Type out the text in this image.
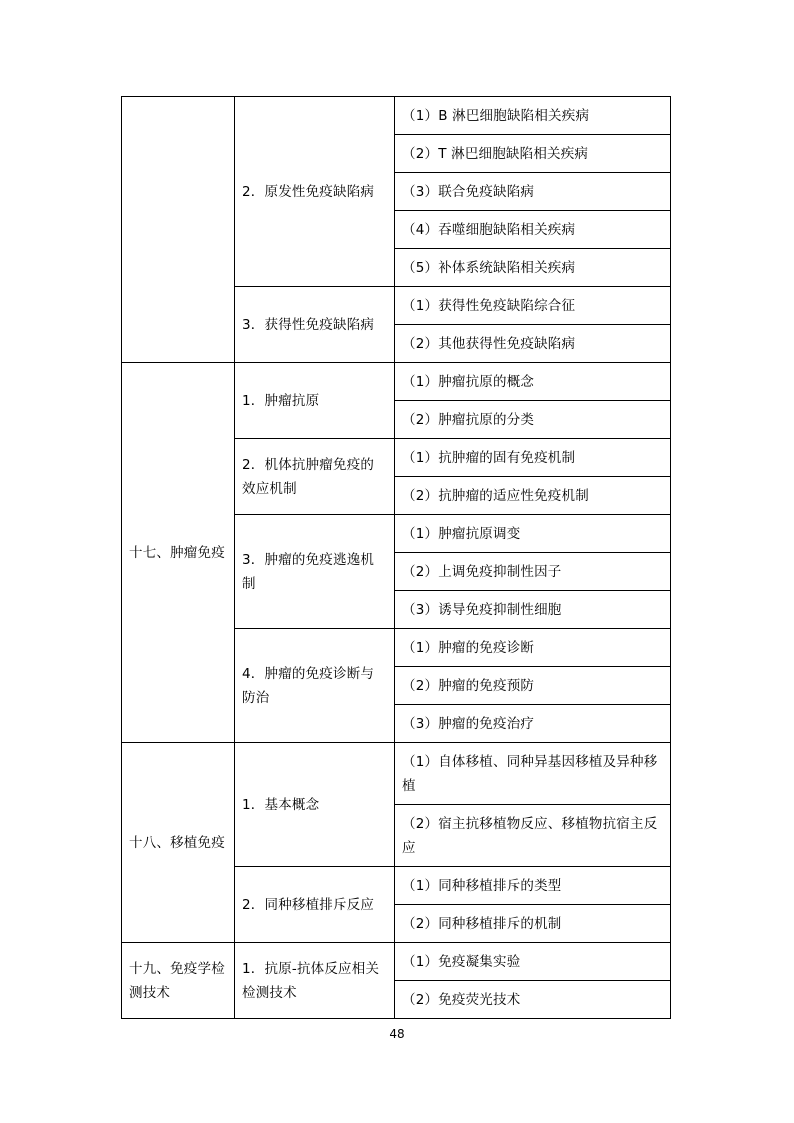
	2．原发性免疫缺陷病	（1）B 淋巴细胞缺陷相关疾病
		（2）T 淋巴细胞缺陷相关疾病
		（3）联合免疫缺陷病
		（4）吞噬细胞缺陷相关疾病
		（5）补体系统缺陷相关疾病
	3．获得性免疫缺陷病	（1）获得性免疫缺陷综合征
		（2）其他获得性免疫缺陷病
十七、肿瘤免疫	1．肿瘤抗原	（1）肿瘤抗原的概念
		（2）肿瘤抗原的分类
	2．机体抗肿瘤免疫的效应机制	（1）抗肿瘤的固有免疫机制
		（2）抗肿瘤的适应性免疫机制
	3．肿瘤的免疫逃逸机制	（1）肿瘤抗原调变
		（2）上调免疫抑制性因子
		（3）诱导免疫抑制性细胞
	4．肿瘤的免疫诊断与防治	（1）肿瘤的免疫诊断
		（2）肿瘤的免疫预防
		（3）肿瘤的免疫治疗
十八、移植免疫	1．基本概念	（1）自体移植、同种异基因移植及异种移植
		（2）宿主抗移植物反应、移植物抗宿主反应
	2．同种移植排斥反应	（1）同种移植排斥的类型
		（2）同种移植排斥的机制
十九、免疫学检测技术	1．抗原-抗体反应相关检测技术	（1）免疫凝集实验
		（2）免疫荧光技术
48
